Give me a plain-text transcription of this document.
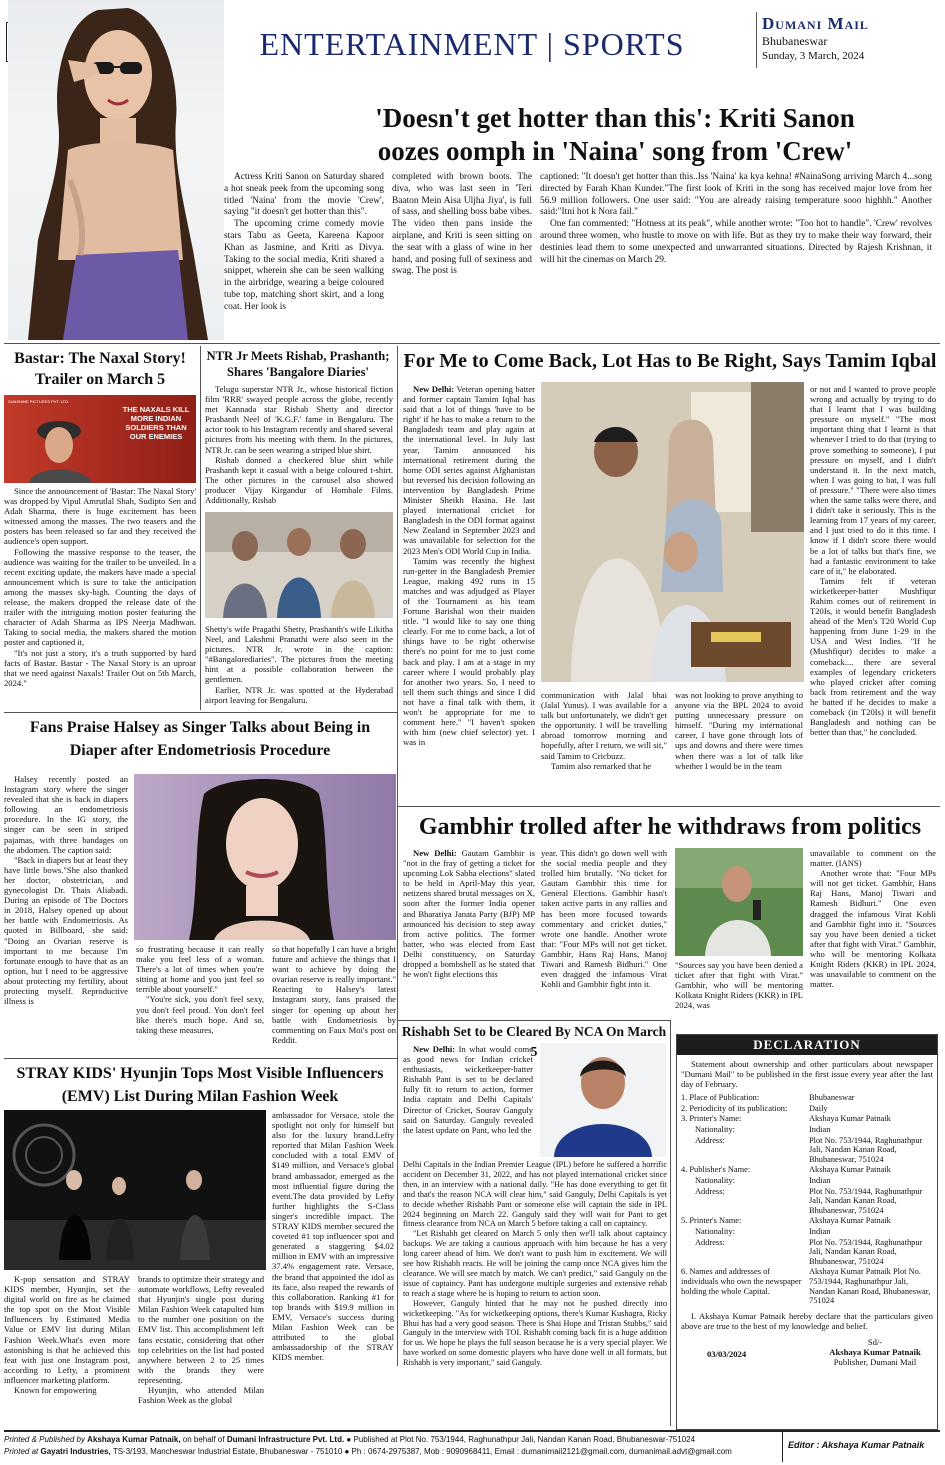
ENTERTAINMENT | SPORTS
Dumani Mail
Bhubaneswar
Sunday, 3 March, 2024
'Doesn't get hotter than this': Kriti Sanon
oozes oomph in 'Naina' song from 'Crew'

Actress Kriti Sanon on Saturday shared a hot sneak peek from the upcoming song titled 'Naina' from the movie 'Crew', saying "it doesn't get hotter than this".

The upcoming crime comedy movie stars Tabu as Geeta, Kareena Kapoor Khan as Jasmine, and Kriti as Divya. Taking to the social media, Kriti shared a snippet, wherein she can be seen walking in the airbridge, wearing a beige coloured tube top, matching short skirt, and a long coat. Her look is

completed with brown boots. The diva, who was last seen in 'Teri Baaton Mein Aisa Uljha Jiya', is full of sass, and shelling boss babe vibes. The video then pans inside the airplane, and Kriti is seen sitting on the seat with a glass of wine in her hand, and posing full of sexiness and swag. The post is

captioned: "It doesn't get hotter than this..Iss 'Naina' ka kya kehna! #NainaSong arriving March 4...song directed by Farah Khan Kunder."The first look of Kriti in the song has received major love from her 56.9 million followers. One user said: "You are already raising temperature sooo highhh." Another said:"Itni hot k Nora fail."

One fan commented: "Hotness at its peak", while another wrote: "Too hot to handle". 'Crew' revolves around three women, who hustle to move on with life. But as they try to make their way forward, their destinies lead them to some unexpected and unwarranted situations. Directed by Rajesh Krishnan, it will hit the cinemas on March 29.

Bastar: The Naxal Story!
Trailer on March 5
SUNSHINE PICTURES PVT. LTD.
THE NAXALS KILL MORE INDIAN SOLDIERS THAN OUR ENEMIES

Since the announcement of 'Bastar: The Naxal Story' was dropped by Vipul Amrutlal Shah, Sudipto Sen and Adah Sharma, there is huge excitement has been witnessed among the masses. The two teasers and the posters has been released so far and they received the audience's open support.

Following the massive response to the teaser, the audience was waiting for the trailer to be unveiled. In a recent exciting update, the makers have made a special announcement which is sure to take the anticipation among the masses sky-high. Counting the days of release, the makers dropped the release date of the trailer with the intriguing motion poster featuring the character of Adah Sharma as IPS Neerja Madhwan. Taking to social media, the makers shared the motion poster and captioned it,

"It's not just a story, it's a truth supported by hard facts of Bastar. Bastar - The Naxal Story is an uproar that we need against Naxals! Trailer Out on 5th March, 2024."

NTR Jr Meets Rishab, Prashanth;
Shares 'Bangalore Diaries'

Telugu superstar NTR Jr., whose historical fiction film 'RRR' swayed people across the globe, recently met Kannada star Rishab Shetty and director Prashanth Neel of 'K.G.F.' fame in Bengaluru. The actor took to his Instagram recently and shared several pictures from his meeting with them. In the pictures, NTR Jr. can be seen wearing a striped blue shirt.

Rishab donned a checkered blue shirt while Prashanth kept it casual with a beige coloured t-shirt. The other pictures in the carousel also showed producer Vijay Kirgandur of Hombale Films. Additionally, Rishab

Shetty's wife Pragathi Shetty, Prashanth's wife Likitha Neel, and Lakshmi Pranathi were also seen in the pictures. NTR Jr. wrote in the caption: "#Bangalorediaries". The pictures from the meeting hint at a possible collaboration between the gentlemen.

Earlier, NTR Jr. was spotted at the Hyderabad airport leaving for Bengaluru.

For Me to Come Back, Lot Has to Be Right, Says Tamim Iqbal

New Delhi: Veteran opening batter and former captain Tamim Iqbal has said that a lot of things 'have to be right' if he has to make a return to the Bangladesh team and play again at the international level. In July last year, Tamim announced his international retirement during the home ODI series against Afghanistan but reversed his decision following an intervention by Bangladesh Prime Minister Sheikh Hasina. He last played international cricket for Bangladesh in the ODI format against New Zealand in September 2023 and was unavailable for selection for the 2023 Men's ODI World Cup in India.

Tamim was recently the highest run-getter in the Bangladesh Premier League, making 492 runs in 15 matches and was adjudged as Player of the Tournament as his team Fortune Barishal won their maiden title. "I would like to say one thing clearly. For me to come back, a lot of things have to be right otherwise there's no point for me to just come back and play. I am at a stage in my career where I would probably play for another two years. So, I need to tell them such things and since I did not have a final talk with them, it won't be appropriate for me to comment here." "I haven't spoken with him (new chief selector) yet. I was in

communication with Jalal bhai (Jalal Yunus). I was available for a talk but unfortunately, we didn't get the opportunity. I will be travelling abroad tomorrow morning and hopefully, after I return, we will sit," said Tamim to Cricbuzz.

Tamim also remarked that he

was not looking to prove anything to anyone via the BPL 2024 to avoid putting unnecessary pressure on himself. "During my international career, I have gone through lots of ups and downs and there were times when there was a lot of talk like whether I would be in the team

or not and I wanted to prove people wrong and actually by trying to do that I learnt that I was building pressure on myself." "The most important thing that I learnt is that whenever I tried to do that (trying to prove something to someone), I put pressure on myself, and I didn't understand it. In the next match, when I was going to bat, I was full of pressure." "There were also times when the same talks were there, and I didn't take it seriously. This is the learning from 17 years of my career, and I just tried to do it this time. I know if I didn't score there would be a lot of talks but that's fine, we had a fantastic environment to take care of it," he elaborated.

Tamim felt if veteran wicketkeeper-batter Mushfiqur Rahim comes out of retirement in T20Is, it would benefit Bangladesh ahead of the Men's T20 World Cup happening from June 1-29 in the USA and West Indies. "If he (Mushfiqur) decides to make a comeback.... there are several examples of legendary cricketers who played cricket after coming back from retirement and the way he batted if he decides to make a comeback (in T20Is) it will benefit Bangladesh and nothing can be better than that," he concluded.

Fans Praise Halsey as Singer Talks about Being in
Diaper after Endometriosis Procedure

Halsey recently posted an Instagram story where the singer revealed that she is back in diapers following an endometriosis procedure. In the IG story, the singer can be seen in striped pajamas, with three bandages on the abdomen. The caption said:

"Back in diapers but at least they have little bows."She also thanked her doctor, obstetrician, and gynecologist Dr. Thais Aliabadi. During an episode of The Doctors in 2018, Halsey opened up about her battle with Endometriosis. As quoted in Billboard, she said: "Doing an Ovarian reserve is important to me because I'm fortunate enough to have that as an option, but I need to be aggressive about protecting my fertility, about protecting myself. Reproductive illness is

so frustrating because it can really make you feel less of a woman. There's a lot of times when you're sitting at home and you just feel so terrible about yourself."

"You're sick, you don't feel sexy, you don't feel proud. You don't feel like there's much hope. And so, taking these measures,

so that hopefully I can have a bright future and achieve the things that I want to achieve by doing the ovarian reserve is really important." Reacting to Halsey's latest Instagram story, fans praised the singer for opening up about her battle with Endometriosis by commenting on Faux Moi's post on Reddit.

Gambhir trolled after he withdraws from politics

New Delhi: Gautam Gambhir is "not in the fray of getting a ticket for upcoming Lok Sabha elections" slated to be held in April-May this year, netizens shared brutal messages on X, soon after the former India opener and Bharatiya Janata Party (BJP) MP announced his decision to step away from active politics. The former batter, who was elected from East Delhi constituency, on Saturday dropped a bombshell as he stated that he won't fight elections this

year. This didn't go down well with the social media people and they trolled him brutally. "No ticket for Gautam Gambhir this time for General Elections. Gambhir hasn't taken active parts in any rallies and has been more focused towards commentary and cricket duties," wrote one handle. Another wrote that: "Four MPs will not get ticket. Gambhir, Hans Raj Hans, Manoj Tiwari and Ramesh Bidhuri." One even dragged the infamous Virat Kohli and Gambhir fight into it.

"Sources say you have been denied a ticket after that fight with Virat." Gambhir, who will be mentoring Kolkata Knight Riders (KKR) in IPL 2024, was

unavailable to comment on the matter. (IANS)

Another wrote that: "Four MPs will not get ticket. Gambhir, Hans Raj Hans, Manoj Tiwari and Ramesh Bidhuri." One even dragged the infamous Virat Kohli and Gambhir fight into it. "Sources say you have been denied a ticket after that fight with Virat." Gambhir, who will be mentoring Kolkata Knight Riders (KKR) in IPL 2024, was unavailable to comment on the matter.

Rishabh Set to be Cleared By NCA On March 5

New Delhi: In what would come as good news for Indian cricket enthusiasts, wicketkeeper-batter Rishabh Pant is set to be declared fully fit to return to action, former India captain and Delhi Capitals' Director of Cricket, Sourav Ganguly said on Saturday. Ganguly revealed the latest update on Pant, who led the

Delhi Capitals in the Indian Premier League (IPL) before he suffered a horrific accident on December 31, 2022, and has not played international cricket since then, in an interview with a national daily. "He has done everything to get fit and that's the reason NCA will clear him," said Ganguly, Delhi Capitals is yet to decide whether Rishabh Pant or someone else will captain the side in IPL 2024 beginning on March 22. Ganguly said they will wait for Pant to get fitness clearance from NCA on March 5 before taking a call on captaincy.

"Let Rishabh get cleared on March 5 only then we'll talk about captaincy backups. We are taking a cautious approach with him because he has a very long career ahead of him. We don't want to push him in excitement. We will see how Rishabh reacts. He will be joining the camp once NCA gives him the clearance. We will see match by match. We can't predict," said Ganguly on the issue of captaincy. Pant has undergone multiple surgeries and extensive rehab to reach a stage where he is hoping to return to action soon.

However, Ganguly hinted that he may not be pushed directly into wicketkeeping. "As for wicketkeeping options, there's Kumar Kushagra, Ricky Bhui has had a very good season. There is Shai Hope and Tristan Stubbs," said Ganguly in the interview with TOI. Rishabh coming back fit is a huge addition for us. We hope he plays the full season because he is a very special player. We have worked on some domestic players who have done well in all formats, but Rishabh is very important," said Ganguly.

STRAY KIDS' Hyunjin Tops Most Visible Influencers
(EMV) List During Milan Fashion Week

K-pop sensation and STRAY KIDS member, Hyunjin, set the digital world on fire as he claimed the top spot on the Most Visible Influencers by Estimated Media Value or EMV list during Milan Fashion Week.What's even more astonishing is that he achieved this feat with just one Instagram post, according to Lefty, a prominent influencer marketing platform.

Known for empowering

brands to optimize their strategy and automate workflows, Lefty revealed that Hyunjin's single post during Milan Fashion Week catapulted him to the number one position on the EMV list. This accomplishment left fans ecstatic, considering that other top celebrities on the list had posted anywhere between 2 to 25 times with the brands they were representing.

Hyunjin, who attended Milan Fashion Week as the global

ambassador for Versace, stole the spotlight not only for himself but also for the luxury brand.Lefty reported that Milan Fashion Week concluded with a total EMV of $149 million, and Versace's global brand ambassador, emerged as the most influential figure during the event.The data provided by Lefty further highlights the S-Class singer's incredible impact. The STRAY KIDS member secured the coveted #1 top influencer spot and generated a staggering $4.02 million in EMV with an impressive 37.4% engagement rate. Versace, the brand that appointed the idol as its face, also reaped the rewards of this collaboration. Ranking #1 for top brands with $19.9 million in EMV, Versace's success during Milan Fashion Week can be attributed to the global ambassadorship of the STRAY KIDS member.

DECLARATION
Statement about ownership and other particulars about newspaper "Dumani Mail" to be published in the first issue every year after the last day of February.
1. Place of Publication:	Bhubaneswar
2. Periodicity of its publication:	Daily
3. Printer's Name:	Akshaya Kumar Patnaik
Nationality:	Indian
Address:	Plot No. 753/1944, Raghunathpur Jali, Nandan Kanan Road, Bhubaneswar, 751024
4. Publisher's Name:	Akshaya Kumar Patnaik
Nationality:	Indian
Address:	Plot No. 753/1944, Raghunathpur Jali, Nandan Kanan Road, Bhubaneswar, 751024
5. Printer's Name:	Akshaya Kumar Patnaik
Nationality:	Indian
Address:	Plot No. 753/1944, Raghunathpur Jali, Nandan Kanan Road, Bhubaneswar, 751024
6. Names and addresses of individuals who own the newspaper holding the whole Capital.
Akshaya Kumar Patnaik Plot No. 753/1944, Raghunathpur Jali, Nandan Kanan Road, Bhubaneswar, 751024
I. Akshaya Kumar Patnaik hereby declare that the particulars given above are true to the best of my knowledge and belief.
03/03/2024
Sd/-
Akshaya Kumar Patnaik
Publisher, Dumani Mail
Printed & Published by Akshaya Kumar Patnaik, on behalf of Dumani Infrastructure Pvt. Ltd. ● Published at Plot No. 753/1944, Raghunathpur Jali, Nandan Kanan Road, Bhubaneswar-751024
Printed at Gayatri Industries, TS-3/193, Mancheswar Industrial Estate, Bhubaneswar - 751010 ● Ph : 0674-2975387, Mob : 9090968411, Email : dumanimail2121@gmail.com, dumanimail.advt@gmail.com
Editor : Akshaya Kumar Patnaik
